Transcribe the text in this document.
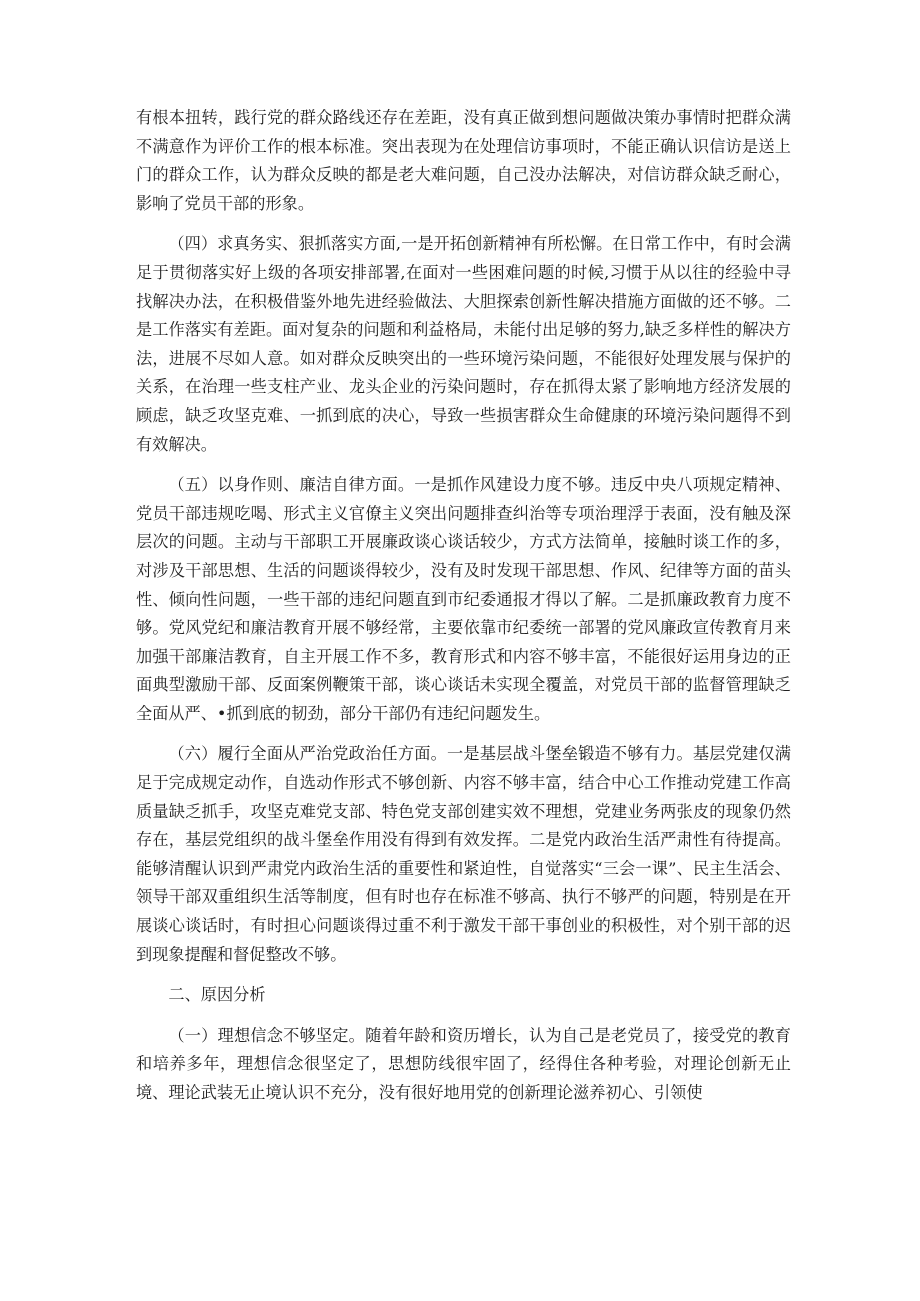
有根本扭转，践行党的群众路线还存在差距，没有真正做到想问题做决策办事情时把群众满不满意作为评价工作的根本标准。突出表现为在处理信访事项时，不能正确认识信访是送上门的群众工作，认为群众反映的都是老大难问题，自己没办法解决，对信访群众缺乏耐心，影响了党员干部的形象。

（四）求真务实、狠抓落实方面,一是开拓创新精神有所松懈。在日常工作中，有时会满足于贯彻落实好上级的各项安排部署,在面对一些困难问题的时候,习惯于从以往的经验中寻找解决办法，在积极借鉴外地先进经验做法、大胆探索创新性解决措施方面做的还不够。二是工作落实有差距。面对复杂的问题和利益格局，未能付出足够的努力,缺乏多样性的解决方法，进展不尽如人意。如对群众反映突出的一些环境污染问题，不能很好处理发展与保护的关系，在治理一些支柱产业、龙头企业的污染问题时，存在抓得太紧了影响地方经济发展的顾虑，缺乏攻坚克难、一抓到底的决心，导致一些损害群众生命健康的环境污染问题得不到有效解决。

（五）以身作则、廉洁自律方面。一是抓作风建设力度不够。违反中央八项规定精神、党员干部违规吃喝、形式主义官僚主义突出问题排查纠治等专项治理浮于表面，没有触及深层次的问题。主动与干部职工开展廉政谈心谈话较少，方式方法简单，接触时谈工作的多，对涉及干部思想、生活的问题谈得较少，没有及时发现干部思想、作风、纪律等方面的苗头性、倾向性问题，一些干部的违纪问题直到市纪委通报才得以了解。二是抓廉政教育力度不够。党风党纪和廉洁教育开展不够经常，主要依靠市纪委统一部署的党风廉政宣传教育月来加强干部廉洁教育，自主开展工作不多，教育形式和内容不够丰富，不能很好运用身边的正面典型激励干部、反面案例鞭策干部，谈心谈话未实现全覆盖，对党员干部的监督管理缺乏全面从严、•抓到底的韧劲，部分干部仍有违纪问题发生。

（六）履行全面从严治党政治任方面。一是基层战斗堡垒锻造不够有力。基层党建仅满足于完成规定动作，自选动作形式不够创新、内容不够丰富，结合中心工作推动党建工作高质量缺乏抓手，攻坚克难党支部、特色党支部创建实效不理想，党建业务两张皮的现象仍然存在，基层党组织的战斗堡垒作用没有得到有效发挥。二是党内政治生活严肃性有待提高。能够清醒认识到严肃党内政治生活的重要性和紧迫性，自觉落实“三会一课”、民主生活会、领导干部双重组织生活等制度，但有时也存在标准不够高、执行不够严的问题，特别是在开展谈心谈话时，有时担心问题谈得过重不利于激发干部干事创业的积极性，对个别干部的迟到现象提醒和督促整改不够。

二、原因分析

（一）理想信念不够坚定。随着年龄和资历增长，认为自己是老党员了，接受党的教育和培养多年，理想信念很坚定了，思想防线很牢固了，经得住各种考验，对理论创新无止境、理论武装无止境认识不充分，没有很好地用党的创新理论滋养初心、引领使
